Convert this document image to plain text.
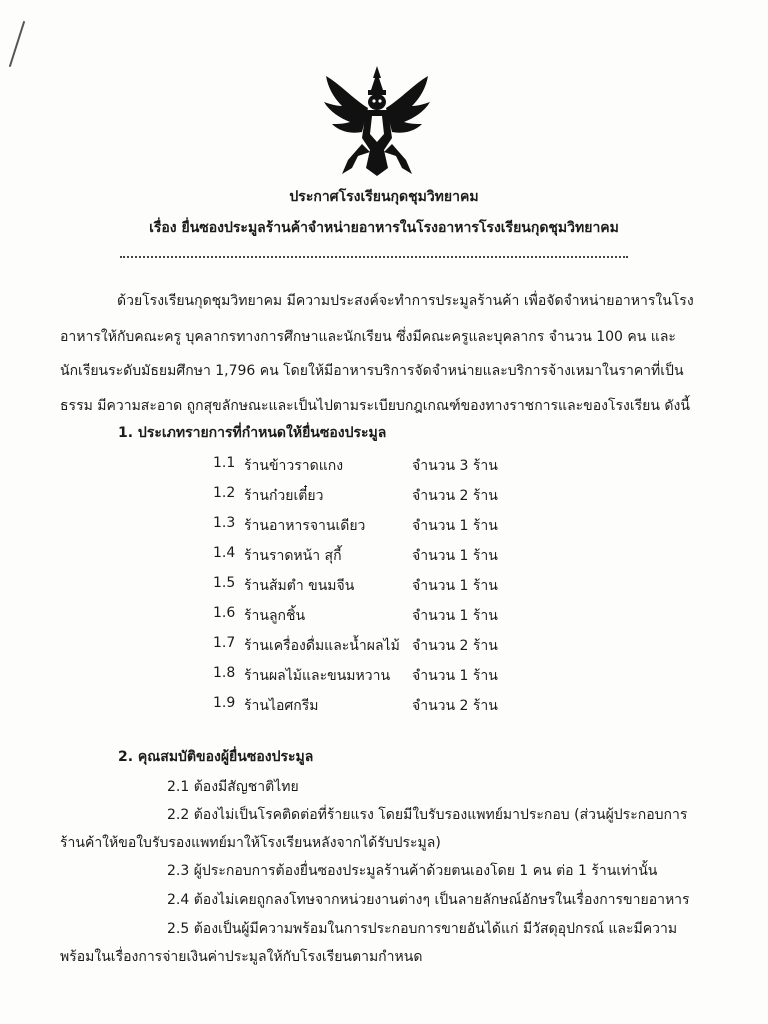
ประกาศโรงเรียนกุดชุมวิทยาคม
เรื่อง ยื่นซองประมูลร้านค้าจำหน่ายอาหารในโรงอาหารโรงเรียนกุดชุมวิทยาคม
ด้วยโรงเรียนกุดชุมวิทยาคม มีความประสงค์จะทำการประมูลร้านค้า เพื่อจัดจำหน่ายอาหารในโรง
อาหารให้กับคณะครู บุคลากรทางการศึกษาและนักเรียน ซึ่งมีคณะครูและบุคลากร จำนวน 100 คน และ
นักเรียนระดับมัธยมศึกษา 1,796 คน โดยให้มีอาหารบริการจัดจำหน่ายและบริการจ้างเหมาในราคาที่เป็น
ธรรม มีความสะอาด ถูกสุขลักษณะและเป็นไปตามระเบียบกฎเกณฑ์ของทางราชการและของโรงเรียน ดังนี้
1. ประเภทรายการที่กำหนดให้ยื่นซองประมูล
1.1 ร้านข้าวราดแกง	จำนวน 3 ร้าน
1.2 ร้านก๋วยเตี๋ยว	จำนวน 2 ร้าน
1.3 ร้านอาหารจานเดียว	จำนวน 1 ร้าน
1.4 ร้านราดหน้า สุกี้	จำนวน 1 ร้าน
1.5 ร้านส้มตำ ขนมจีน	จำนวน 1 ร้าน
1.6 ร้านลูกชิ้น	จำนวน 1 ร้าน
1.7 ร้านเครื่องดื่มและน้ำผลไม้ จำนวน 2 ร้าน
1.8 ร้านผลไม้และขนมหวาน จำนวน 1 ร้าน
1.9 ร้านไอศกรีม	จำนวน 2 ร้าน
2. คุณสมบัติของผู้ยื่นซองประมูล
2.1 ต้องมีสัญชาติไทย
2.2 ต้องไม่เป็นโรคติดต่อที่ร้ายแรง โดยมีใบรับรองแพทย์มาประกอบ (ส่วนผู้ประกอบการ
ร้านค้าให้ขอใบรับรองแพทย์มาให้โรงเรียนหลังจากได้รับประมูล)
2.3 ผู้ประกอบการต้องยื่นซองประมูลร้านค้าด้วยตนเองโดย 1 คน ต่อ 1 ร้านเท่านั้น
2.4 ต้องไม่เคยถูกลงโทษจากหน่วยงานต่างๆ เป็นลายลักษณ์อักษรในเรื่องการขายอาหาร
2.5 ต้องเป็นผู้มีความพร้อมในการประกอบการขายอันได้แก่ มีวัสดุอุปกรณ์ และมีความ
พร้อมในเรื่องการจ่ายเงินค่าประมูลให้กับโรงเรียนตามกำหนด
